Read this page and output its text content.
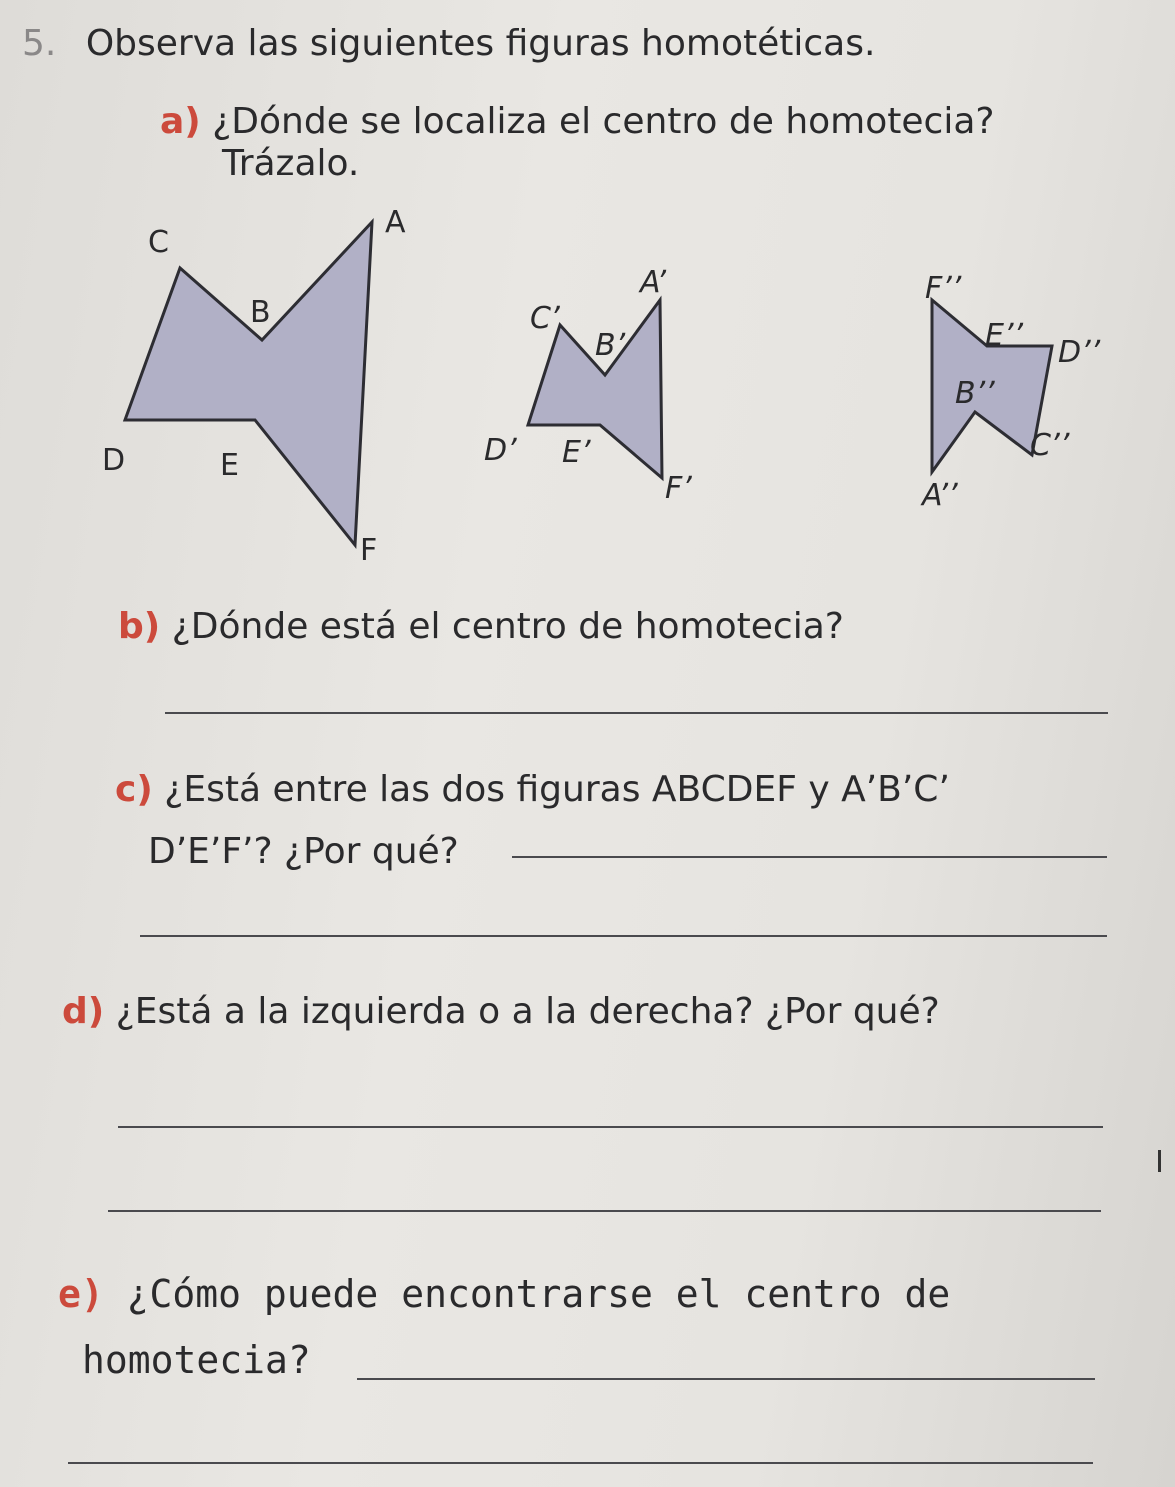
5. Observa las siguientes figuras homotéticas.
a) ¿Dónde se localiza el centro de homotecia?
Trázalo.
A
B
C
D	E
F
A’
B’
C’
D’ E’
F’
F’’
E’’ D’’
B’’
C’’
A’’
b) ¿Dónde está el centro de homotecia?
c) ¿Está entre las dos figuras ABCDEF y A’B’C’
D’E’F’? ¿Por qué?
d) ¿Está a la izquierda o a la derecha? ¿Por qué?
e) ¿Cómo puede encontrarse el centro de
homotecia?
